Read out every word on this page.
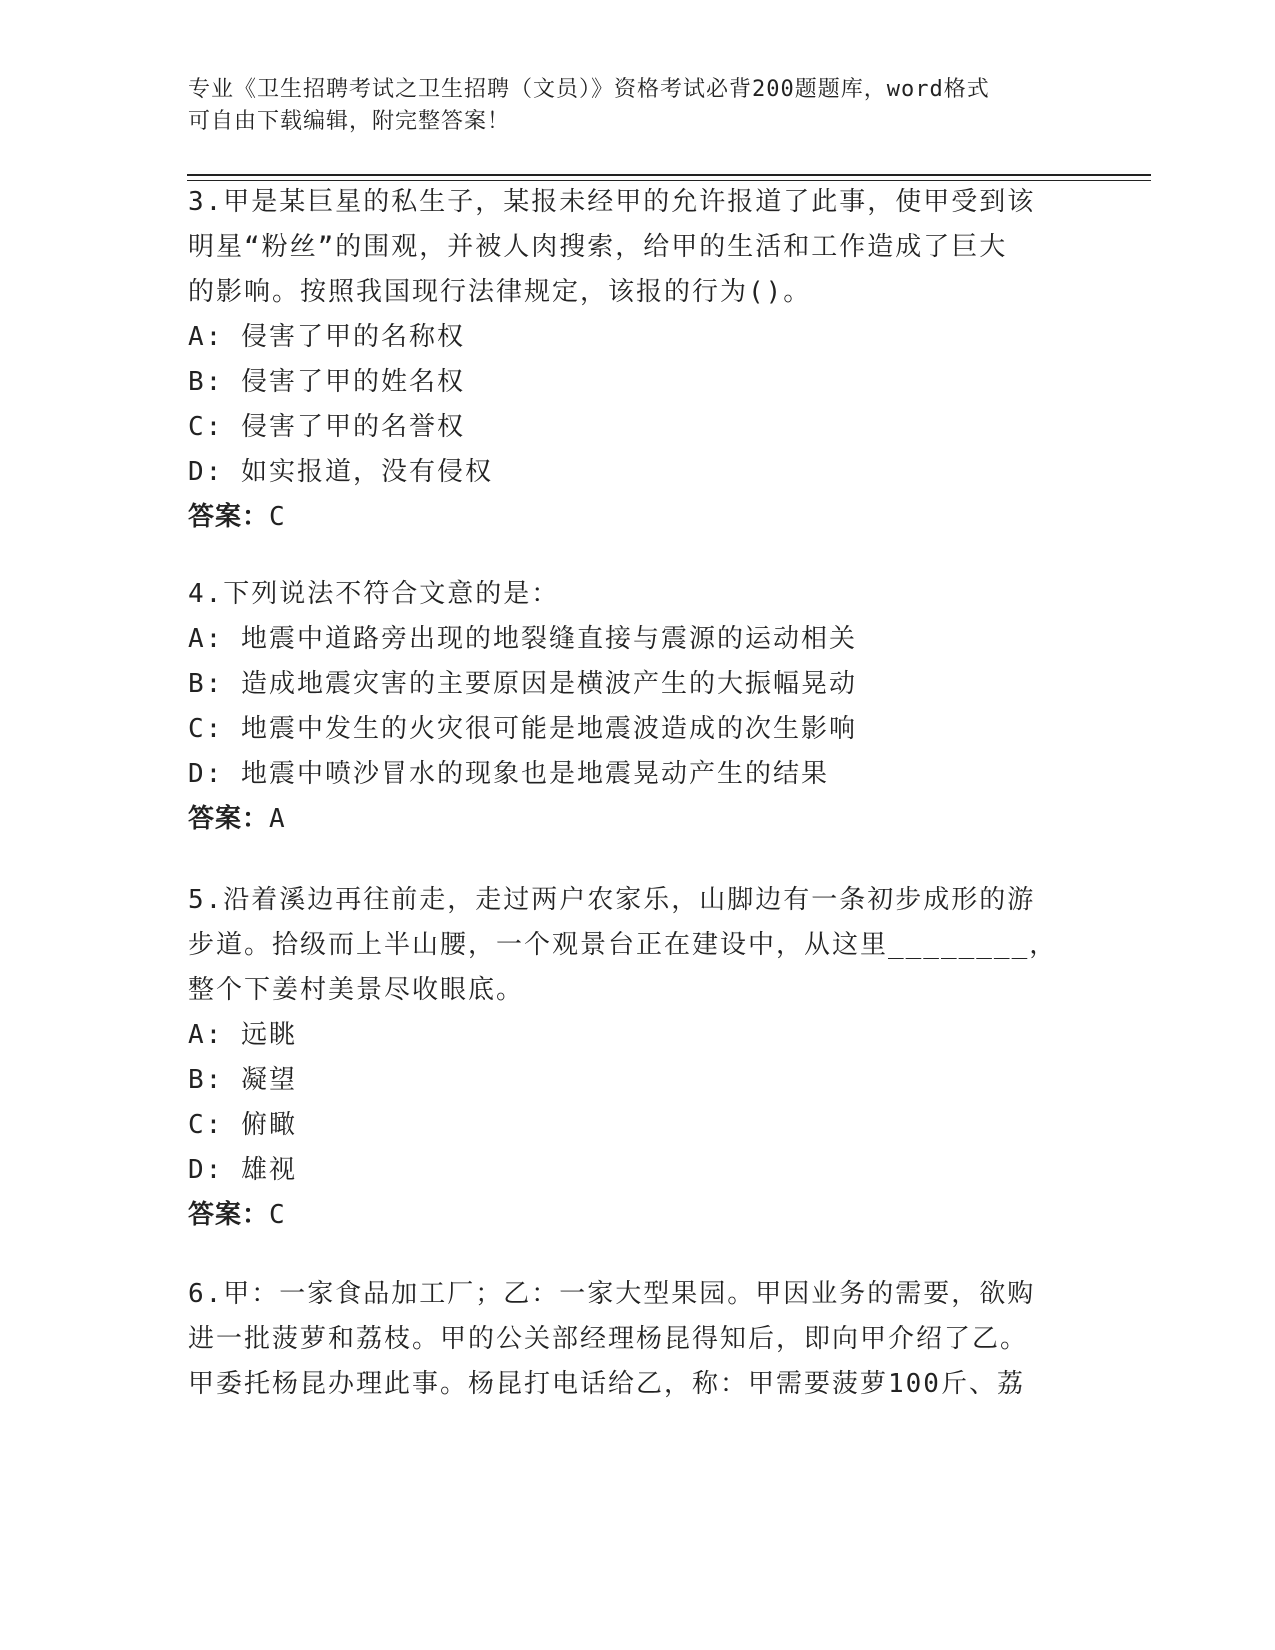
专业《卫生招聘考试之卫生招聘（文员）》资格考试必背200题题库，word格式
可自由下载编辑，附完整答案！

3.甲是某巨星的私生子，某报未经甲的允许报道了此事，使甲受到该

明星“粉丝”的围观，并被人肉搜索，给甲的生活和工作造成了巨大

的影响。按照我国现行法律规定，该报的行为()。

A: 侵害了甲的名称权

B: 侵害了甲的姓名权

C: 侵害了甲的名誉权

D: 如实报道，没有侵权

答案：C

4.下列说法不符合文意的是：

A: 地震中道路旁出现的地裂缝直接与震源的运动相关

B: 造成地震灾害的主要原因是横波产生的大振幅晃动

C: 地震中发生的火灾很可能是地震波造成的次生影响

D: 地震中喷沙冒水的现象也是地震晃动产生的结果

答案：A

5.沿着溪边再往前走，走过两户农家乐，山脚边有一条初步成形的游

步道。拾级而上半山腰，一个观景台正在建设中，从这里________，

整个下姜村美景尽收眼底。

A: 远眺

B: 凝望

C: 俯瞰

D: 雄视

答案：C

6.甲：一家食品加工厂；乙：一家大型果园。甲因业务的需要，欲购

进一批菠萝和荔枝。甲的公关部经理杨昆得知后，即向甲介绍了乙。

甲委托杨昆办理此事。杨昆打电话给乙，称：甲需要菠萝100斤、荔
